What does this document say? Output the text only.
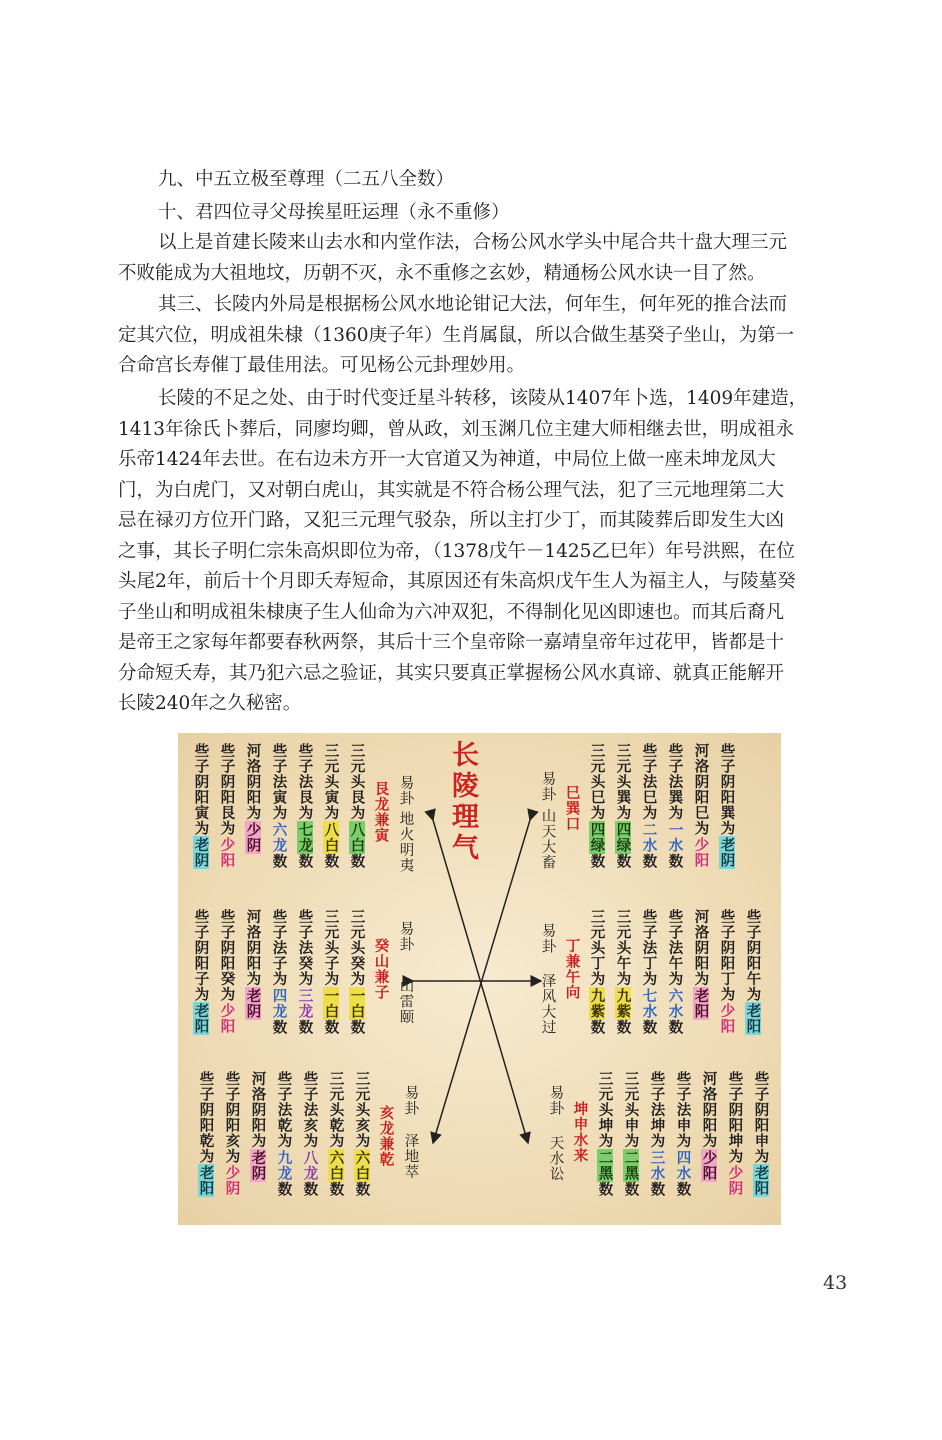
九、中五立极至尊理（二五八全数）
十、君四位寻父母挨星旺运理（永不重修）
以上是首建长陵来山去水和内堂作法，合杨公风水学头中尾合共十盘大理三元
不败能成为大祖地坟，历朝不灭，永不重修之玄妙，精通杨公风水诀一目了然。
其三、长陵内外局是根据杨公风水地论钳记大法，何年生，何年死的推合法而
定其穴位，明成祖朱棣（1360庚子年）生肖属鼠，所以合做生基癸子坐山，为第一
合命宫长寿催丁最佳用法。可见杨公元卦理妙用。
长陵的不足之处、由于时代变迁星斗转移，该陵从1407年卜选，1409年建造，
1413年徐氏卜葬后，同廖均卿，曾从政，刘玉渊几位主建大师相继去世，明成祖永
乐帝1424年去世。在右边未方开一大官道又为神道，中局位上做一座未坤龙凤大
门，为白虎门，又对朝白虎山，其实就是不符合杨公理气法，犯了三元地理第二大
忌在禄刃方位开门路，又犯三元理气驳杂，所以主打少丁，而其陵葬后即发生大凶
之事，其长子明仁宗朱高炽即位为帝，（1378戊午－1425乙巳年）年号洪熙，在位
头尾2年，前后十个月即夭寿短命，其原因还有朱高炽戊午生人为福主人，与陵墓癸
子坐山和明成祖朱棣庚子生人仙命为六冲双犯，不得制化见凶即速也。而其后裔凡
是帝王之家每年都要春秋两祭，其后十三个皇帝除一嘉靖皇帝年过花甲，皆都是十
分命短夭寿，其乃犯六忌之验证，其实只要真正掌握杨公风水真谛、就真正能解开
长陵240年之久秘密。
长陵理气
些子阴阳寅为老阴
些子阴阳艮为少阳
河洛阴阳为少阴
些子法寅为六龙数
些子法艮为七龙数
三元头寅为八白数
三元头艮为八白数
艮龙兼寅 易卦
地火明夷
些子阴阳子为老阳
些子阴阳癸为少阳
河洛阴阳为老阴
些子法子为四龙数
些子法癸为三龙数
三元头子为一白数
三元头癸为一白数
癸山兼子
易卦
山雷颐
些子阴阳乾为老阳
些子阴阳亥为少阴
河洛阴阳为老阴
些子法乾为九龙数
些子法亥为八龙数
三元头乾为六白数
三元头亥为六白数
亥龙兼乾
易卦
泽地萃
易卦
山天大畜 巳巽口 三元头巳为四绿数
三元头巽为四绿数
些子法巳为二水数
些子法巽为一水数
河洛阴阳巳为少阳
些子阴阳巽为老阴
易卦
泽风大过
丁兼午向 三元头丁为九紫数
三元头午为九紫数
些子法丁为七水数
些子法午为六水数
河洛阴阳为老阳
些子阴阳丁为少阳
些子阴阳午为老阳
易卦
天水讼 坤申水来 三元头坤为二黑数
三元头申为二黑数
些子法坤为三水数
些子法申为四水数
河洛阴阳为少阳
些子阴阳坤为少阴
些子阴阳申为老阳
43
